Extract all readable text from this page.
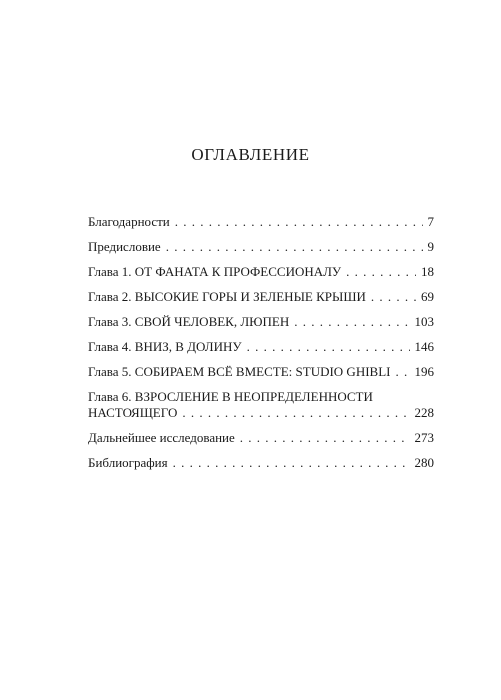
ОГЛАВЛЕНИЕ
Благодарности . . .	7
Предисловие . . .	9
Глава 1. ОТ ФАНАТА К ПРОФЕССИОНАЛУ . . .	18
Глава 2. ВЫСОКИЕ ГОРЫ И ЗЕЛЕНЫЕ КРЫШИ . . .	69
Глава 3. СВОЙ ЧЕЛОВЕК, ЛЮПЕН . . .	103
Глава 4. ВНИЗ, В ДОЛИНУ . . .	146
Глава 5. СОБИРАЕМ ВСЁ ВМЕСТЕ: STUDIO GHIBLI . . . 196
Глава 6. ВЗРОСЛЕНИЕ В НЕОПРЕДЕЛЕННОСТИ
НАСТОЯЩЕГО . . .	228
Дальнейшее исследование . . .	273
Библиография . . .	280
